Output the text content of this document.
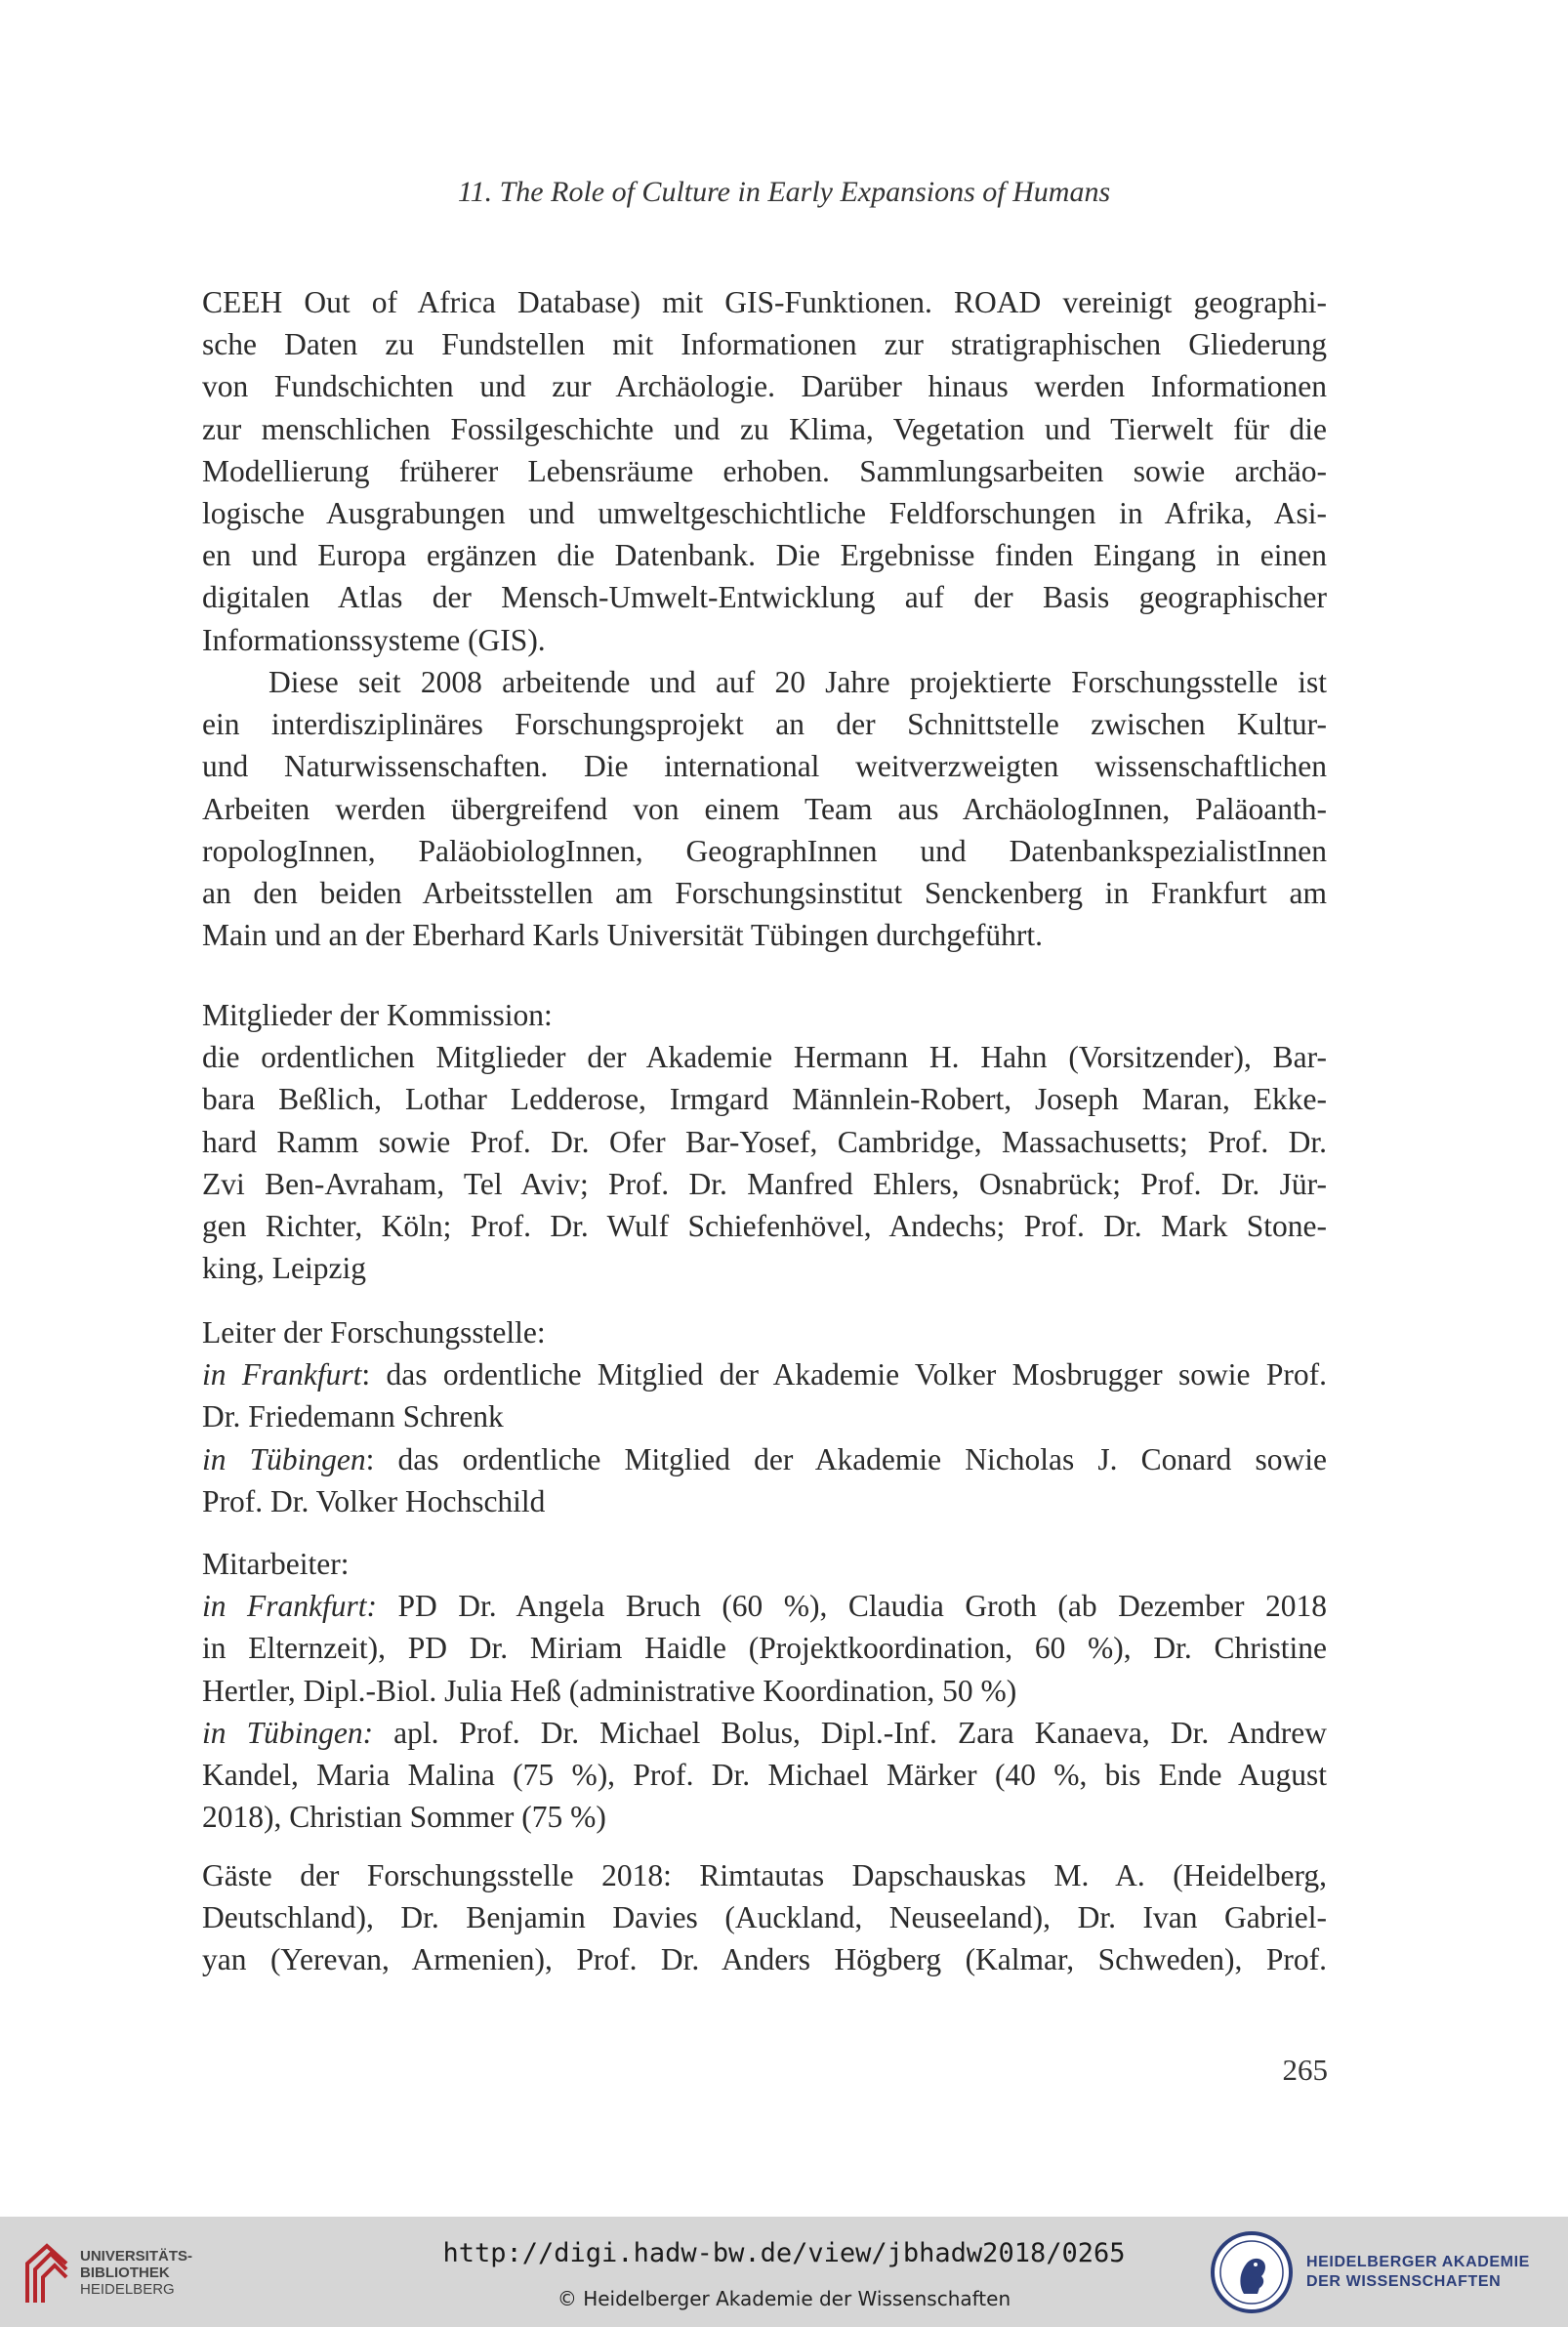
11. The Role of Culture in Early Expansions of Humans
CEEH Out of Africa Database) mit GIS-Funktionen. ROAD vereinigt geographi-
sche Daten zu Fundstellen mit Informationen zur stratigraphischen Gliederung
von Fundschichten und zur Archäologie. Darüber hinaus werden Informationen
zur menschlichen Fossilgeschichte und zu Klima, Vegetation und Tierwelt für die
Modellierung früherer Lebensräume erhoben. Sammlungsarbeiten sowie archäo-
logische Ausgrabungen und umweltgeschichtliche Feldforschungen in Afrika, Asi-
en und Europa ergänzen die Datenbank. Die Ergebnisse finden Eingang in einen
digitalen Atlas der Mensch-Umwelt-Entwicklung auf der Basis geographischer
Informationssysteme (GIS).
Diese seit 2008 arbeitende und auf 20 Jahre projektierte Forschungsstelle ist
ein interdisziplinäres Forschungsprojekt an der Schnittstelle zwischen Kultur-
und Naturwissenschaften. Die international weitverzweigten wissenschaftlichen
Arbeiten werden übergreifend von einem Team aus ArchäologInnen, Paläoanth-
ropologInnen, PaläobiologInnen, GeographInnen und DatenbankspezialistInnen
an den beiden Arbeitsstellen am Forschungsinstitut Senckenberg in Frankfurt am
Main und an der Eberhard Karls Universität Tübingen durchgeführt.
Mitglieder der Kommission:
die ordentlichen Mitglieder der Akademie Hermann H. Hahn (Vorsitzender), Bar-
bara Beßlich, Lothar Ledderose, Irmgard Männlein-Robert, Joseph Maran, Ekke-
hard Ramm sowie Prof. Dr. Ofer Bar-Yosef, Cambridge, Massachusetts; Prof. Dr.
Zvi Ben-Avraham, Tel Aviv; Prof. Dr. Manfred Ehlers, Osnabrück; Prof. Dr. Jür-
gen Richter, Köln; Prof. Dr. Wulf Schiefenhövel, Andechs; Prof. Dr. Mark Stone-
king, Leipzig
Leiter der Forschungsstelle:
in Frankfurt: das ordentliche Mitglied der Akademie Volker Mosbrugger sowie Prof.
Dr. Friedemann Schrenk
in Tübingen: das ordentliche Mitglied der Akademie Nicholas J. Conard sowie
Prof. Dr. Volker Hochschild
Mitarbeiter:
in Frankfurt: PD Dr. Angela Bruch (60 %), Claudia Groth (ab Dezember 2018
in Elternzeit), PD Dr. Miriam Haidle (Projektkoordination, 60 %), Dr. Christine
Hertler, Dipl.-Biol. Julia Heß (administrative Koordination, 50 %)
in Tübingen: apl. Prof. Dr. Michael Bolus, Dipl.-Inf. Zara Kanaeva, Dr. Andrew
Kandel, Maria Malina (75 %), Prof. Dr. Michael Märker (40 %, bis Ende August
2018), Christian Sommer (75 %)
Gäste der Forschungsstelle 2018: Rimtautas Dapschauskas M. A. (Heidelberg,
Deutschland), Dr. Benjamin Davies (Auckland, Neuseeland), Dr. Ivan Gabriel-
yan (Yerevan, Armenien), Prof. Dr. Anders Högberg (Kalmar, Schweden), Prof.
265
UNIVERSITÄTS-
BIBLIOTHEK
HEIDELBERG
http://digi.hadw-bw.de/view/jbhadw2018/0265
© Heidelberger Akademie der Wissenschaften
HEIDELBERGER AKADEMIE
DER WISSENSCHAFTEN
